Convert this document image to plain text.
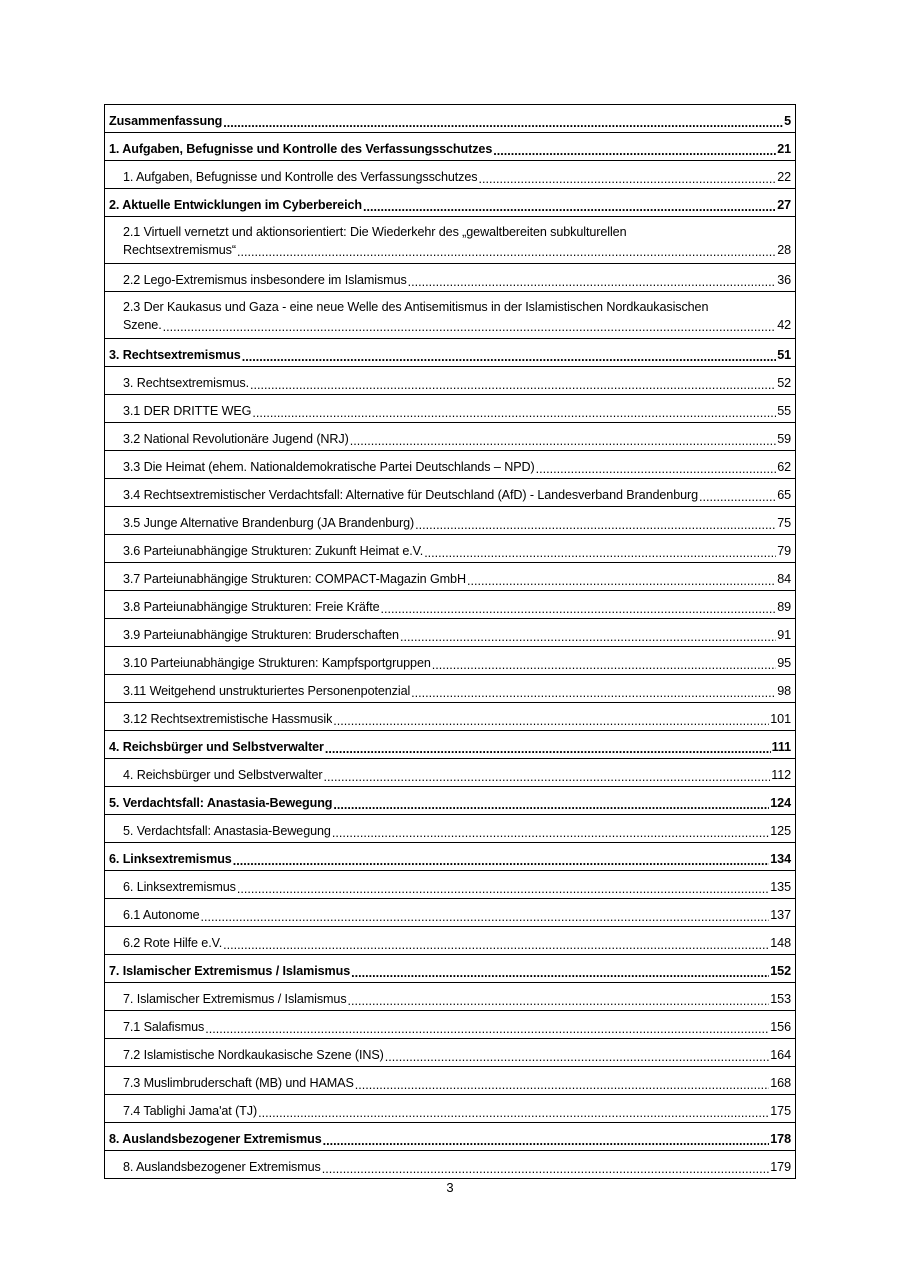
Zusammenfassung .....	5

1. Aufgaben, Befugnisse und Kontrolle des Verfassungsschutzes .....	21

1. Aufgaben, Befugnisse und Kontrolle des Verfassungsschutzes .....	22

2. Aktuelle Entwicklungen im Cyberbereich .....	27

2.1 Virtuell vernetzt und aktionsorientiert: Die Wiederkehr des „gewaltbereiten subkulturellen
Rechtsextremismus“ .....	28

2.2 Lego-Extremismus insbesondere im Islamismus .....	36

2.3 Der Kaukasus und Gaza - eine neue Welle des Antisemitismus in der Islamistischen Nordkaukasischen
Szene. .....	42

3. Rechtsextremismus .....	51

3. Rechtsextremismus. .....	52

3.1 DER DRITTE WEG .....	55

3.2 National Revolutionäre Jugend (NRJ) .....	59

3.3 Die Heimat (ehem. Nationaldemokratische Partei Deutschlands – NPD) .....	62

3.4 Rechtsextremistischer Verdachtsfall: Alternative für Deutschland (AfD) - Landesverband Brandenburg .....	65

3.5 Junge Alternative Brandenburg (JA Brandenburg) .....	75

3.6 Parteiunabhängige Strukturen: Zukunft Heimat e.V. .....	79

3.7 Parteiunabhängige Strukturen: COMPACT-Magazin GmbH .....	84

3.8 Parteiunabhängige Strukturen: Freie Kräfte .....	89

3.9 Parteiunabhängige Strukturen: Bruderschaften .....	91

3.10 Parteiunabhängige Strukturen: Kampfsportgruppen .....	95

3.11 Weitgehend unstrukturiertes Personenpotenzial .....	98

3.12 Rechtsextremistische Hassmusik .....	101

4. Reichsbürger und Selbstverwalter .....	111

4. Reichsbürger und Selbstverwalter .....	112

5. Verdachtsfall: Anastasia-Bewegung .....	124

5. Verdachtsfall: Anastasia-Bewegung .....	125

6. Linksextremismus .....	134

6. Linksextremismus .....	135

6.1 Autonome .....	137

6.2 Rote Hilfe e.V. .....	148

7. Islamischer Extremismus / Islamismus .....	152

7. Islamischer Extremismus / Islamismus .....	153

7.1 Salafismus .....	156

7.2 Islamistische Nordkaukasische Szene (INS) .....	164

7.3 Muslimbruderschaft (MB) und HAMAS .....	168

7.4 Tablighi Jama'at (TJ) .....	175

8. Auslandsbezogener Extremismus .....	178

8. Auslandsbezogener Extremismus .....	179
3
